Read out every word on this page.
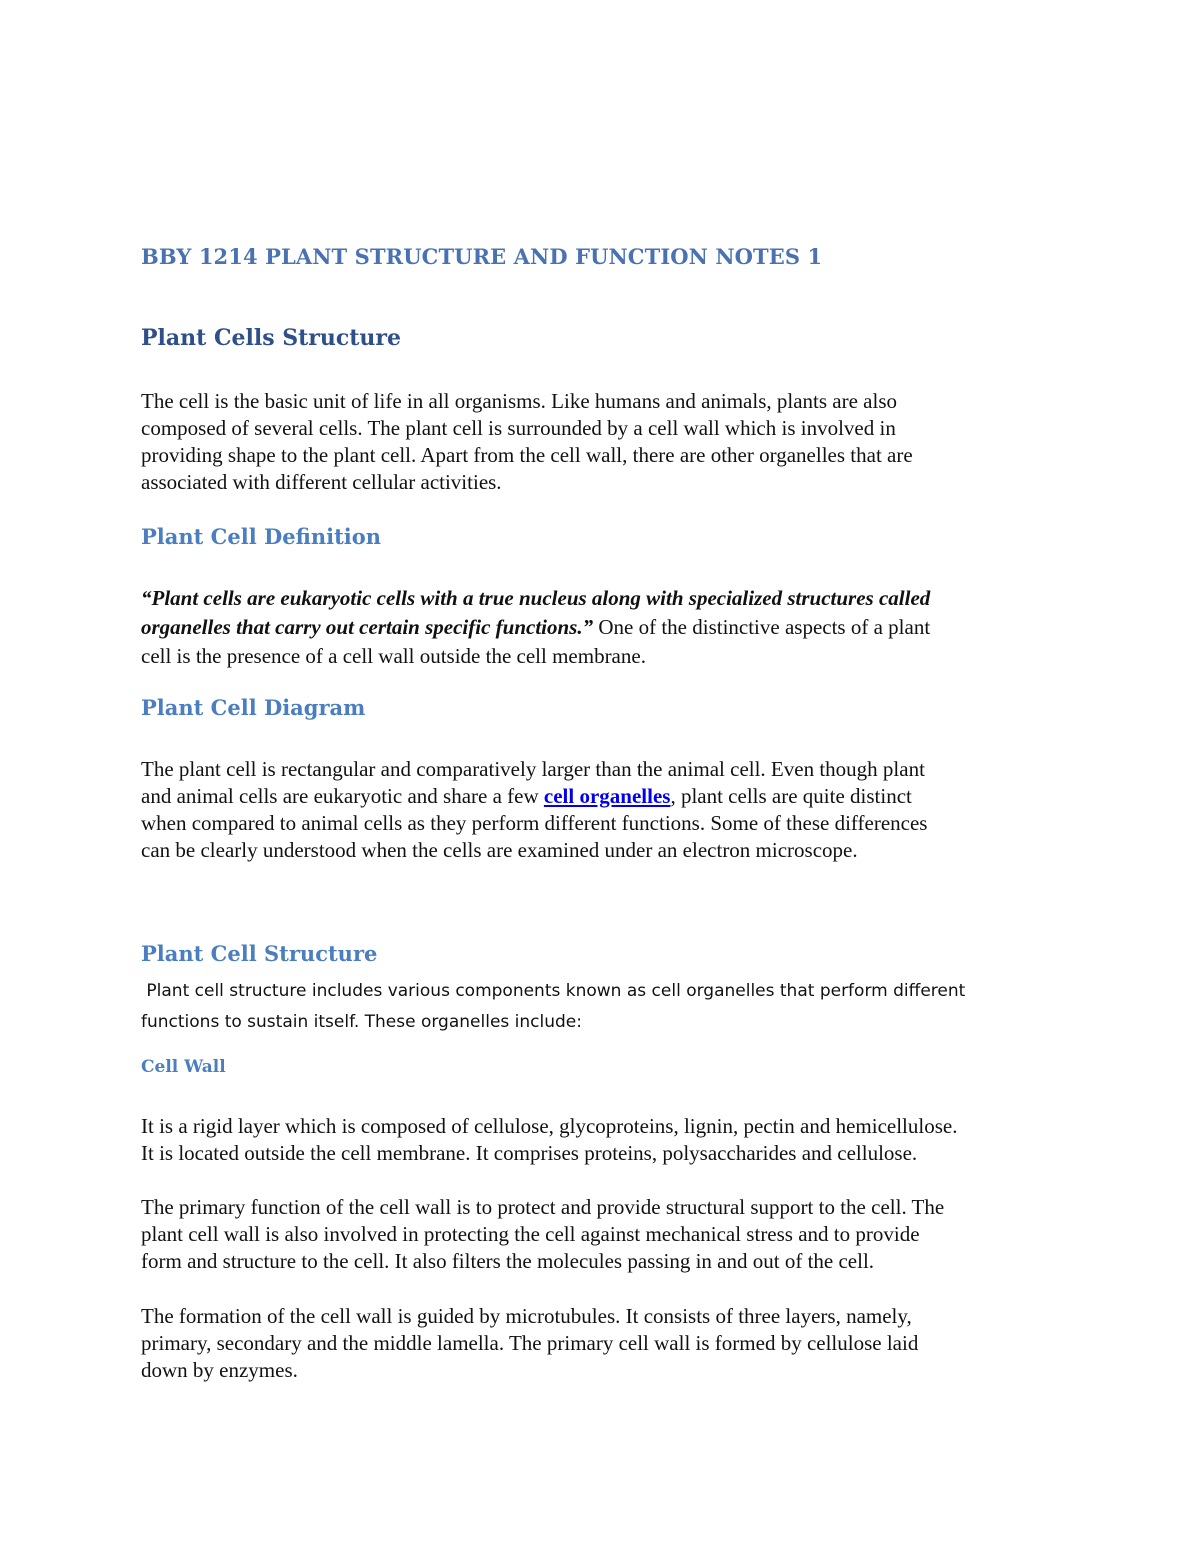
BBY 1214 PLANT STRUCTURE AND FUNCTION NOTES 1
Plant Cells Structure
The cell is the basic unit of life in all organisms. Like humans and animals, plants are also
composed of several cells. The plant cell is surrounded by a cell wall which is involved in
providing shape to the plant cell. Apart from the cell wall, there are other organelles that are
associated with different cellular activities.
Plant Cell Definition
“Plant cells are eukaryotic cells with a true nucleus along with specialized structures called
organelles that carry out certain specific functions.” One of the distinctive aspects of a plant
cell is the presence of a cell wall outside the cell membrane.
Plant Cell Diagram
The plant cell is rectangular and comparatively larger than the animal cell. Even though plant
and animal cells are eukaryotic and share a few cell organelles, plant cells are quite distinct
when compared to animal cells as they perform different functions. Some of these differences
can be clearly understood when the cells are examined under an electron microscope.
Plant Cell Structure
Plant cell structure includes various components known as cell organelles that perform different
functions to sustain itself. These organelles include:
Cell Wall
It is a rigid layer which is composed of cellulose, glycoproteins, lignin, pectin and hemicellulose.
It is located outside the cell membrane. It comprises proteins, polysaccharides and cellulose.
The primary function of the cell wall is to protect and provide structural support to the cell. The
plant cell wall is also involved in protecting the cell against mechanical stress and to provide
form and structure to the cell. It also filters the molecules passing in and out of the cell.
The formation of the cell wall is guided by microtubules. It consists of three layers, namely,
primary, secondary and the middle lamella. The primary cell wall is formed by cellulose laid
down by enzymes.
